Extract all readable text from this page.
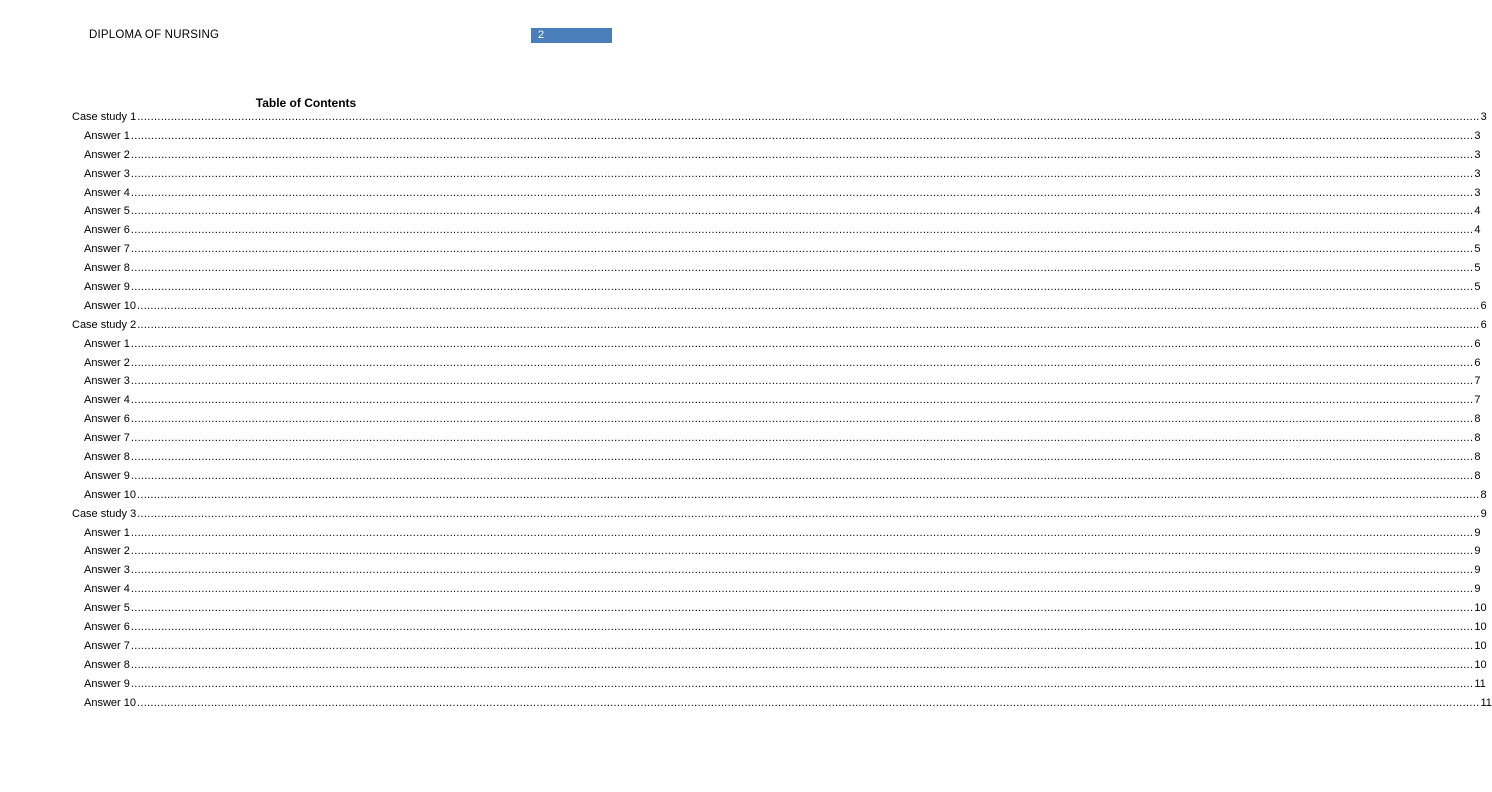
DIPLOMA OF NURSING	2
Table of Contents
Case study 1 ................................................................................................................................................................................................................................................................................................................................................................................................................ 3
Answer 1 ................................................................................................................................................................................................................................................................................................................................................................................................................ 3
Answer 2 ................................................................................................................................................................................................................................................................................................................................................................................................................ 3
Answer 3 ................................................................................................................................................................................................................................................................................................................................................................................................................ 3
Answer 4 ................................................................................................................................................................................................................................................................................................................................................................................................................ 3
Answer 5 ................................................................................................................................................................................................................................................................................................................................................................................................................ 4
Answer 6 ................................................................................................................................................................................................................................................................................................................................................................................................................ 4
Answer 7 ................................................................................................................................................................................................................................................................................................................................................................................................................ 5
Answer 8 ................................................................................................................................................................................................................................................................................................................................................................................................................ 5
Answer 9 ................................................................................................................................................................................................................................................................................................................................................................................................................ 5
Answer 10 ................................................................................................................................................................................................................................................................................................................................................................................................................ 6
Case study 2 ................................................................................................................................................................................................................................................................................................................................................................................................................ 6
Answer 1 ................................................................................................................................................................................................................................................................................................................................................................................................................ 6
Answer 2 ................................................................................................................................................................................................................................................................................................................................................................................................................ 6
Answer 3 ................................................................................................................................................................................................................................................................................................................................................................................................................ 7
Answer 4 ................................................................................................................................................................................................................................................................................................................................................................................................................ 7
Answer 6 ................................................................................................................................................................................................................................................................................................................................................................................................................ 8
Answer 7 ................................................................................................................................................................................................................................................................................................................................................................................................................ 8
Answer 8 ................................................................................................................................................................................................................................................................................................................................................................................................................ 8
Answer 9 ................................................................................................................................................................................................................................................................................................................................................................................................................ 8
Answer 10 ................................................................................................................................................................................................................................................................................................................................................................................................................ 8
Case study 3 ................................................................................................................................................................................................................................................................................................................................................................................................................ 9
Answer 1 ................................................................................................................................................................................................................................................................................................................................................................................................................ 9
Answer 2 ................................................................................................................................................................................................................................................................................................................................................................................................................ 9
Answer 3 ................................................................................................................................................................................................................................................................................................................................................................................................................ 9
Answer 4 ................................................................................................................................................................................................................................................................................................................................................................................................................ 9
Answer 5 ................................................................................................................................................................................................................................................................................................................................................................................................................ 10
Answer 6 ................................................................................................................................................................................................................................................................................................................................................................................................................ 10
Answer 7 ................................................................................................................................................................................................................................................................................................................................................................................................................ 10
Answer 8 ................................................................................................................................................................................................................................................................................................................................................................................................................ 10
Answer 9 ................................................................................................................................................................................................................................................................................................................................................................................................................ 11
Answer 10 ................................................................................................................................................................................................................................................................................................................................................................................................................ 11
